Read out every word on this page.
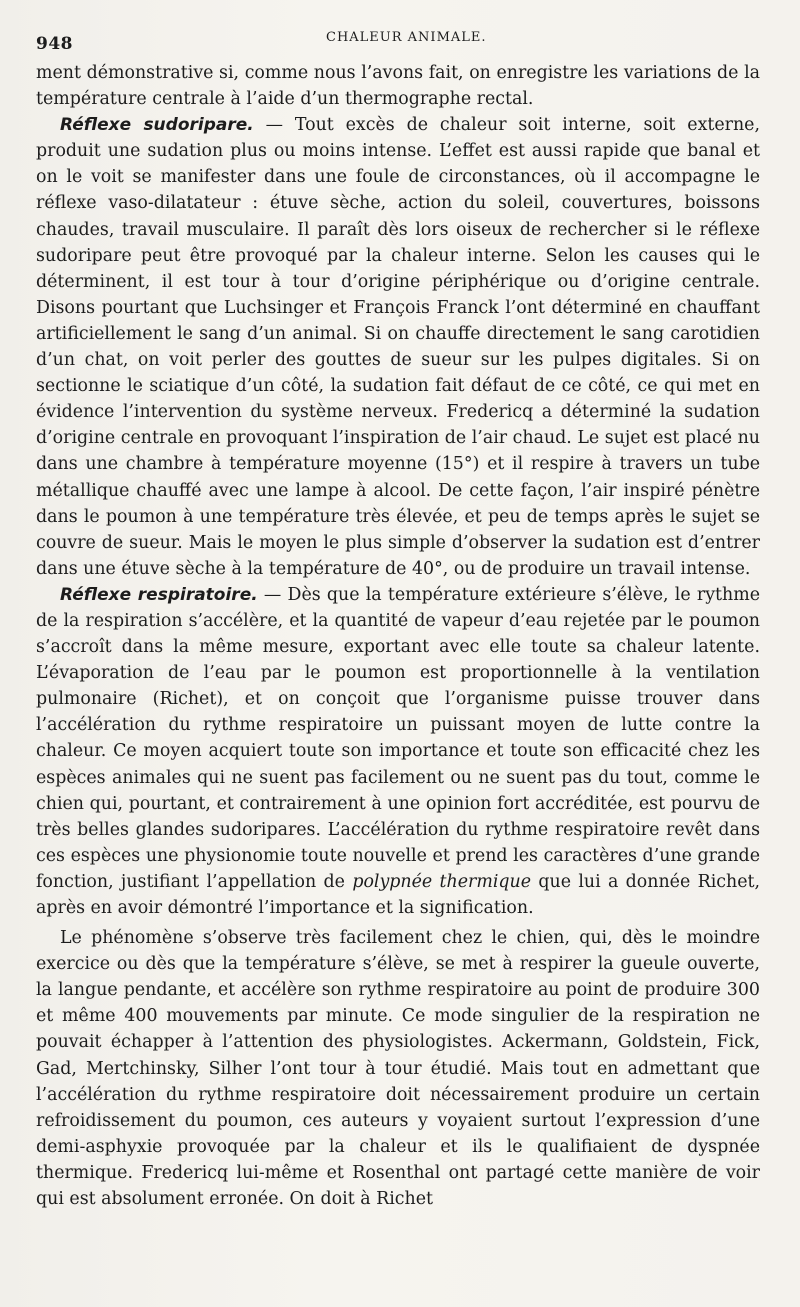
948	CHALEUR ANIMALE.

ment démonstrative si, comme nous l’avons fait, on enregistre les variations de la température centrale à l’aide d’un thermographe rectal.

Réflexe sudoripare. — Tout excès de chaleur soit interne, soit externe, produit une sudation plus ou moins intense. L’effet est aussi rapide que banal et on le voit se manifester dans une foule de circonstances, où il accompagne le réflexe vaso-dilatateur : étuve sèche, action du soleil, couvertures, boissons chaudes, travail musculaire. Il paraît dès lors oiseux de rechercher si le réflexe sudoripare peut être provoqué par la chaleur interne. Selon les causes qui le déterminent, il est tour à tour d’origine périphérique ou d’origine centrale. Disons pourtant que Luchsinger et François Franck l’ont déterminé en chauffant artificiellement le sang d’un animal. Si on chauffe directement le sang carotidien d’un chat, on voit perler des gouttes de sueur sur les pulpes digitales. Si on sectionne le sciatique d’un côté, la sudation fait défaut de ce côté, ce qui met en évidence l’intervention du système nerveux. Fredericq a déterminé la sudation d’origine centrale en provoquant l’inspiration de l’air chaud. Le sujet est placé nu dans une chambre à température moyenne (15°) et il respire à travers un tube métallique chauffé avec une lampe à alcool. De cette façon, l’air inspiré pénètre dans le poumon à une température très élevée, et peu de temps après le sujet se couvre de sueur. Mais le moyen le plus simple d’observer la sudation est d’entrer dans une étuve sèche à la température de 40°, ou de produire un travail intense.

Réflexe respiratoire. — Dès que la température extérieure s’élève, le rythme de la respiration s’accélère, et la quantité de vapeur d’eau rejetée par le poumon s’accroît dans la même mesure, exportant avec elle toute sa chaleur latente. L’évaporation de l’eau par le poumon est proportionnelle à la ventilation pulmonaire (Richet), et on conçoit que l’organisme puisse trouver dans l’accélération du rythme respiratoire un puissant moyen de lutte contre la chaleur. Ce moyen acquiert toute son importance et toute son efficacité chez les espèces animales qui ne suent pas facilement ou ne suent pas du tout, comme le chien qui, pourtant, et contrairement à une opinion fort accréditée, est pourvu de très belles glandes sudoripares. L’accélération du rythme respiratoire revêt dans ces espèces une physionomie toute nouvelle et prend les caractères d’une grande fonction, justifiant l’appellation de polypnée thermique que lui a donnée Richet, après en avoir démontré l’importance et la signification.

Le phénomène s’observe très facilement chez le chien, qui, dès le moindre exercice ou dès que la température s’élève, se met à respirer la gueule ouverte, la langue pendante, et accélère son rythme respiratoire au point de produire 300 et même 400 mouvements par minute. Ce mode singulier de la respiration ne pouvait échapper à l’attention des physiologistes. Ackermann, Goldstein, Fick, Gad, Mertchinsky, Silher l’ont tour à tour étudié. Mais tout en admettant que l’accélération du rythme respiratoire doit nécessairement produire un certain refroidissement du poumon, ces auteurs y voyaient surtout l’expression d’une demi-asphyxie provoquée par la chaleur et ils le qualifiaient de dyspnée thermique. Fredericq lui-même et Rosenthal ont partagé cette manière de voir qui est absolument erronée. On doit à Richet
